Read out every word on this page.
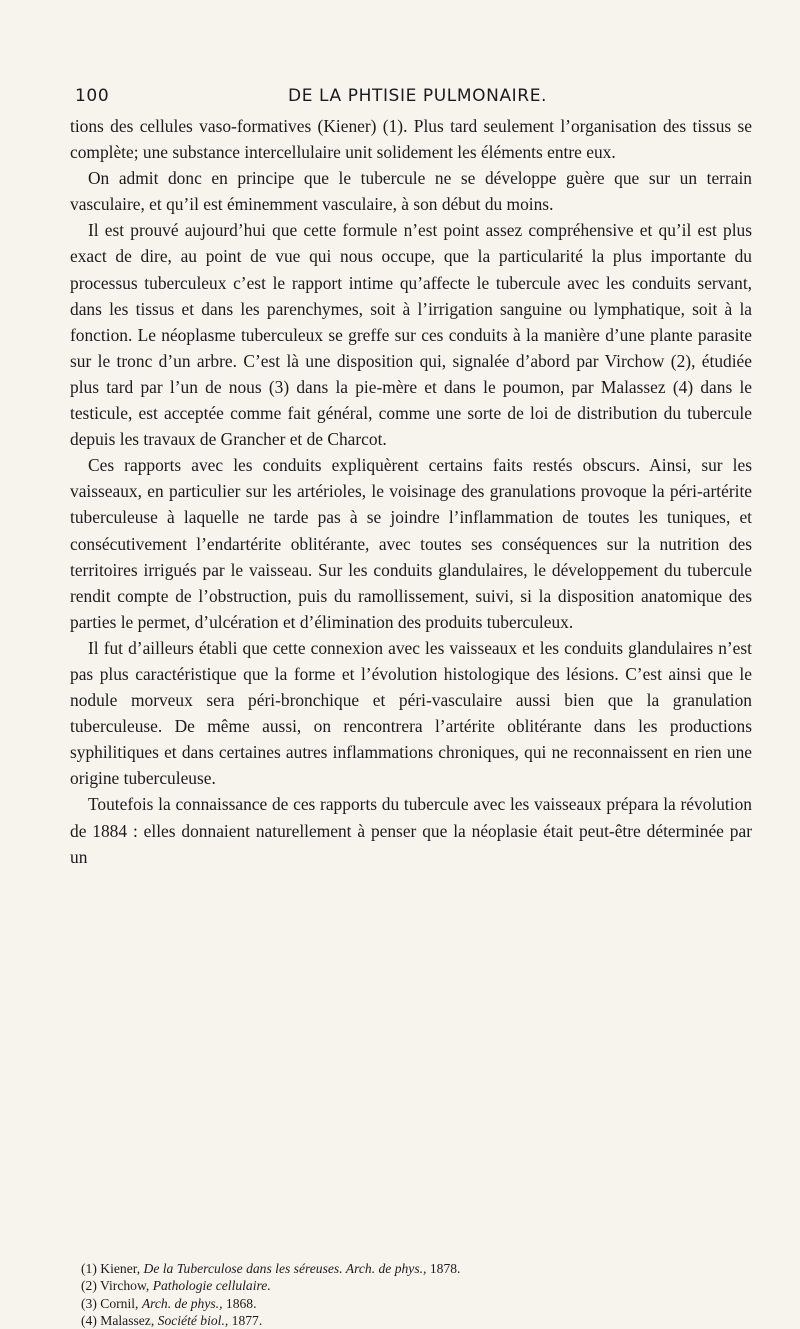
100	DE LA PHTISIE PULMONAIRE.

tions des cellules vaso-formatives (Kiener) (1). Plus tard seulement l’organisation des tissus se complète; une substance intercellulaire unit solidement les éléments entre eux.

On admit donc en principe que le tubercule ne se développe guère que sur un terrain vasculaire, et qu’il est éminemment vasculaire, à son début du moins.

Il est prouvé aujourd’hui que cette formule n’est point assez compréhensive et qu’il est plus exact de dire, au point de vue qui nous occupe, que la particularité la plus importante du processus tuberculeux c’est le rapport intime qu’affecte le tubercule avec les conduits servant, dans les tissus et dans les parenchymes, soit à l’irrigation sanguine ou lymphatique, soit à la fonction. Le néoplasme tuberculeux se greffe sur ces conduits à la manière d’une plante parasite sur le tronc d’un arbre. C’est là une disposition qui, signalée d’abord par Virchow (2), étudiée plus tard par l’un de nous (3) dans la pie-mère et dans le poumon, par Malassez (4) dans le testicule, est acceptée comme fait général, comme une sorte de loi de distribution du tubercule depuis les travaux de Grancher et de Charcot.

Ces rapports avec les conduits expliquèrent certains faits restés obscurs. Ainsi, sur les vaisseaux, en particulier sur les artérioles, le voisinage des granulations provoque la péri-artérite tuberculeuse à laquelle ne tarde pas à se joindre l’inflammation de toutes les tuniques, et consécutivement l’endartérite oblitérante, avec toutes ses conséquences sur la nutrition des territoires irrigués par le vaisseau. Sur les conduits glandulaires, le développement du tubercule rendit compte de l’obstruction, puis du ramollissement, suivi, si la disposition anatomique des parties le permet, d’ulcération et d’élimination des produits tuberculeux.

Il fut d’ailleurs établi que cette connexion avec les vaisseaux et les conduits glandulaires n’est pas plus caractéristique que la forme et l’évolution histologique des lésions. C’est ainsi que le nodule morveux sera péri-bronchique et péri-vasculaire aussi bien que la granulation tuberculeuse. De même aussi, on rencontrera l’artérite oblitérante dans les productions syphilitiques et dans certaines autres inflammations chroniques, qui ne reconnaissent en rien une origine tuberculeuse.

Toutefois la connaissance de ces rapports du tubercule avec les vaisseaux prépara la révolution de 1884 : elles donnaient naturellement à penser que la néoplasie était peut-être déterminée par un

(1) Kiener, De la Tuberculose dans les séreuses. Arch. de phys., 1878.
(2) Virchow, Pathologie cellulaire.
(3) Cornil, Arch. de phys., 1868.
(4) Malassez, Société biol., 1877.
